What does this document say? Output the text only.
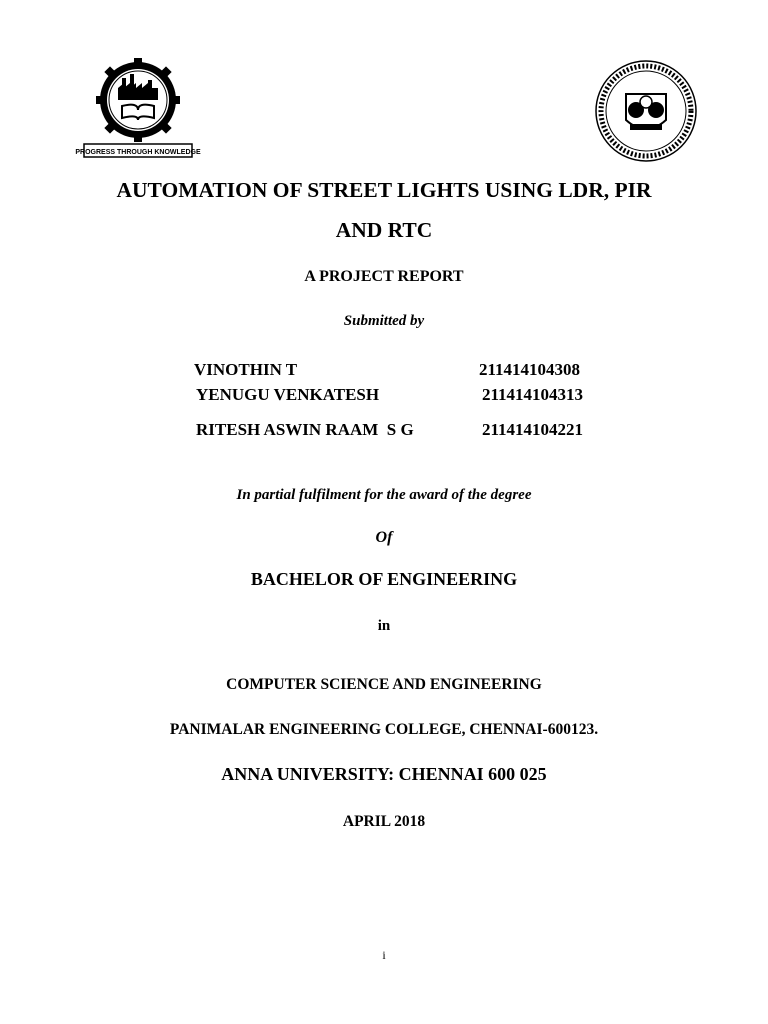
PROGRESS THROUGH KNOWLEDGE
AUTOMATION OF STREET LIGHTS USING LDR, PIR
AND RTC
A PROJECT REPORT
Submitted by
VINOTHIN T	211414104308
YENUGU VENKATESH	211414104313
RITESH ASWIN RAAM  S G	211414104221
In partial fulfilment for the award of the degree
Of
BACHELOR OF ENGINEERING
in
COMPUTER SCIENCE AND ENGINEERING
PANIMALAR ENGINEERING COLLEGE, CHENNAI-600123.
ANNA UNIVERSITY: CHENNAI 600 025
APRIL 2018
i
